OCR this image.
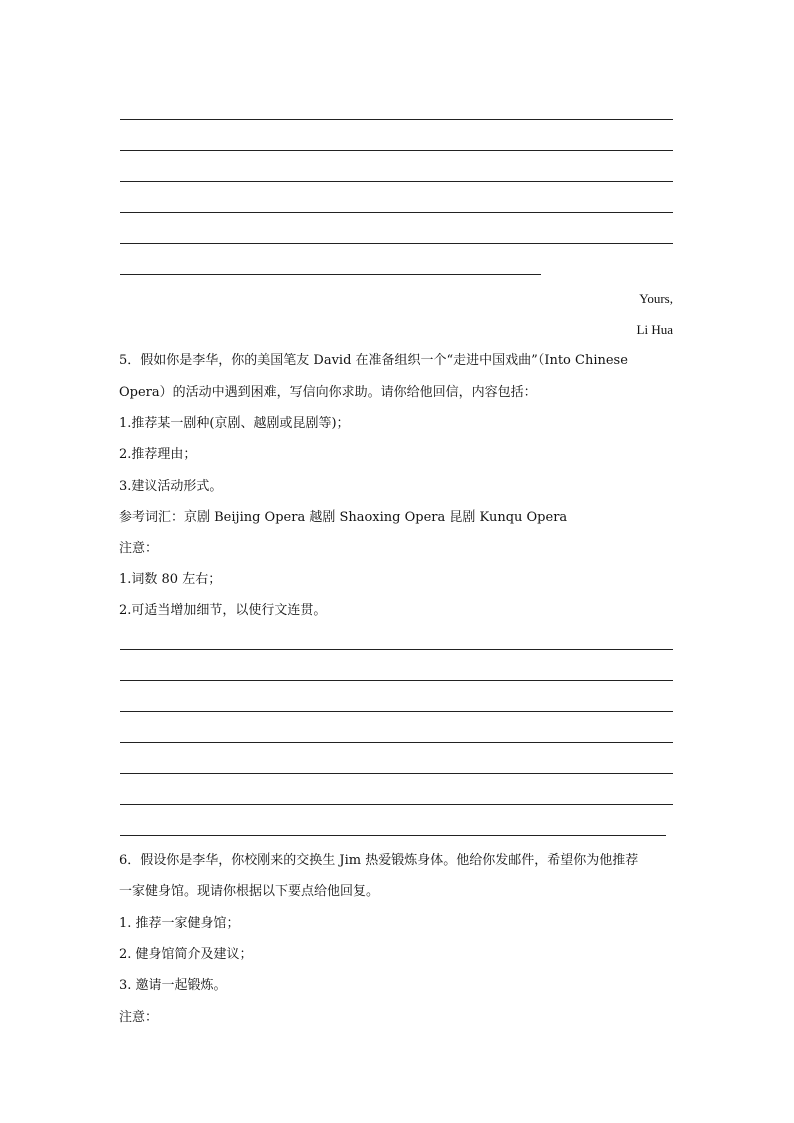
Yours,
Li Hua
5．假如你是李华，你的美国笔友 David 在准备组织一个“走进中国戏曲”（Into Chinese
Opera）的活动中遇到困难，写信向你求助。请你给他回信，内容包括：
1.推荐某一剧种(京剧、越剧或昆剧等)；
2.推荐理由；
3.建议活动形式。
参考词汇：京剧 Beijing Opera 越剧 Shaoxing Opera 昆剧 Kunqu Opera
注意：
1.词数 80 左右；
2.可适当增加细节，以使行文连贯。
6．假设你是李华，你校刚来的交换生 Jim 热爱锻炼身体。他给你发邮件，希望你为他推荐
一家健身馆。现请你根据以下要点给他回复。
1. 推荐一家健身馆；
2. 健身馆简介及建议；
3. 邀请一起锻炼。
注意：
